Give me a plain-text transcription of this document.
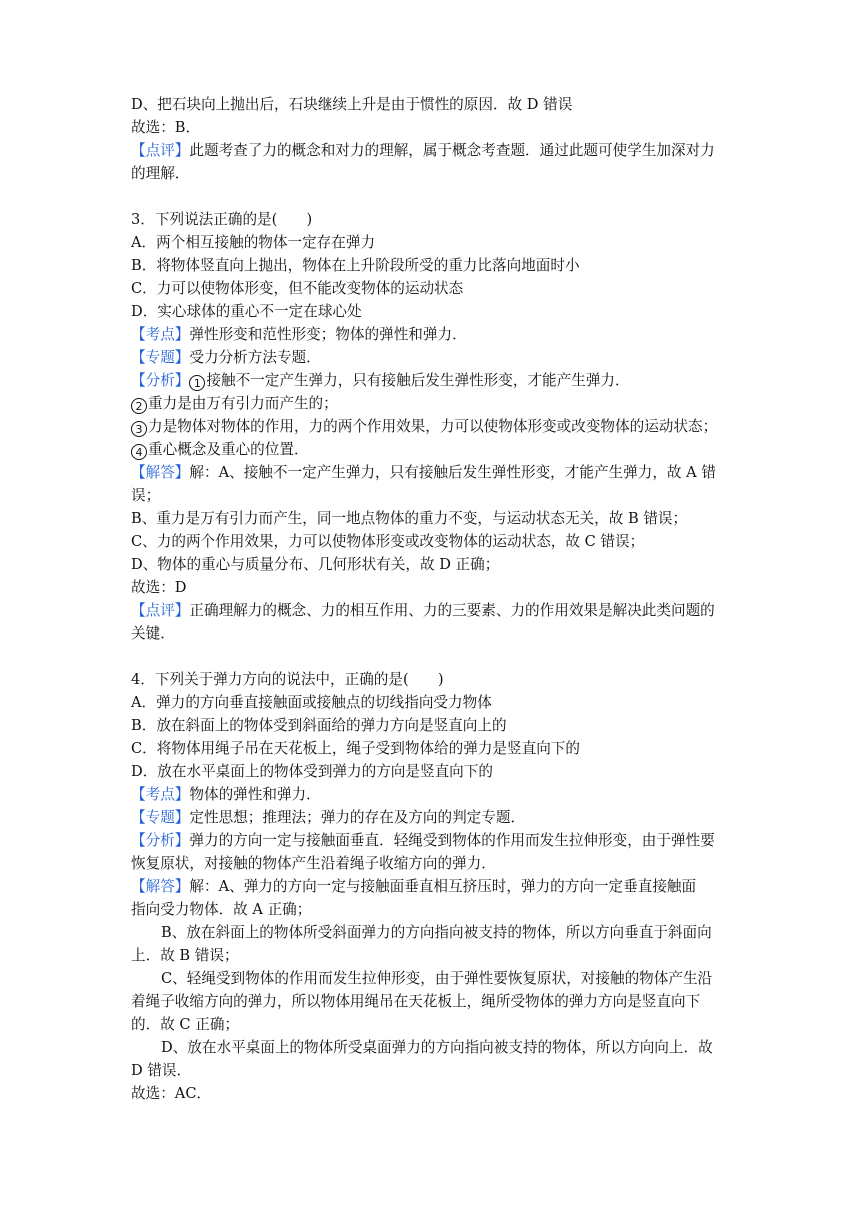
D、把石块向上抛出后，石块继续上升是由于惯性的原因．故 D 错误
故选：B．
【点评】此题考查了力的概念和对力的理解，属于概念考查题．通过此题可使学生加深对力
的理解．
3．下列说法正确的是(　　)
A．两个相互接触的物体一定存在弹力
B．将物体竖直向上抛出，物体在上升阶段所受的重力比落向地面时小
C．力可以使物体形变，但不能改变物体的运动状态
D．实心球体的重心不一定在球心处
【考点】弹性形变和范性形变；物体的弹性和弹力．
【专题】受力分析方法专题．
【分析】 1 接触不一定产生弹力，只有接触后发生弹性形变，才能产生弹力．
2 重力是由万有引力而产生的；
3 力是物体对物体的作用，力的两个作用效果，力可以使物体形变或改变物体的运动状态；
4 重心概念及重心的位置．
【解答】解：A、接触不一定产生弹力，只有接触后发生弹性形变，才能产生弹力，故 A 错
误；
B、重力是万有引力而产生，同一地点物体的重力不变，与运动状态无关，故 B 错误；
C、力的两个作用效果，力可以使物体形变或改变物体的运动状态，故 C 错误；
D、物体的重心与质量分布、几何形状有关，故 D 正确；
故选：D
【点评】正确理解力的概念、力的相互作用、力的三要素、力的作用效果是解决此类问题的
关键．
4．下列关于弹力方向的说法中，正确的是(　　)
A．弹力的方向垂直接触面或接触点的切线指向受力物体
B．放在斜面上的物体受到斜面给的弹力方向是竖直向上的
C．将物体用绳子吊在天花板上，绳子受到物体给的弹力是竖直向下的
D．放在水平桌面上的物体受到弹力的方向是竖直向下的
【考点】物体的弹性和弹力．
【专题】定性思想；推理法；弹力的存在及方向的判定专题．
【分析】弹力的方向一定与接触面垂直．轻绳受到物体的作用而发生拉伸形变，由于弹性要
恢复原状，对接触的物体产生沿着绳子收缩方向的弹力．
【解答】解：A、弹力的方向一定与接触面垂直相互挤压时，弹力的方向一定垂直接触面
指向受力物体．故 A 正确；
B、放在斜面上的物体所受斜面弹力的方向指向被支持的物体，所以方向垂直于斜面向
上．故 B 错误；
C、轻绳受到物体的作用而发生拉伸形变，由于弹性要恢复原状，对接触的物体产生沿
着绳子收缩方向的弹力，所以物体用绳吊在天花板上，绳所受物体的弹力方向是竖直向下
的．故 C 正确；
D、放在水平桌面上的物体所受桌面弹力的方向指向被支持的物体，所以方向向上．故
D 错误．
故选：AC．
